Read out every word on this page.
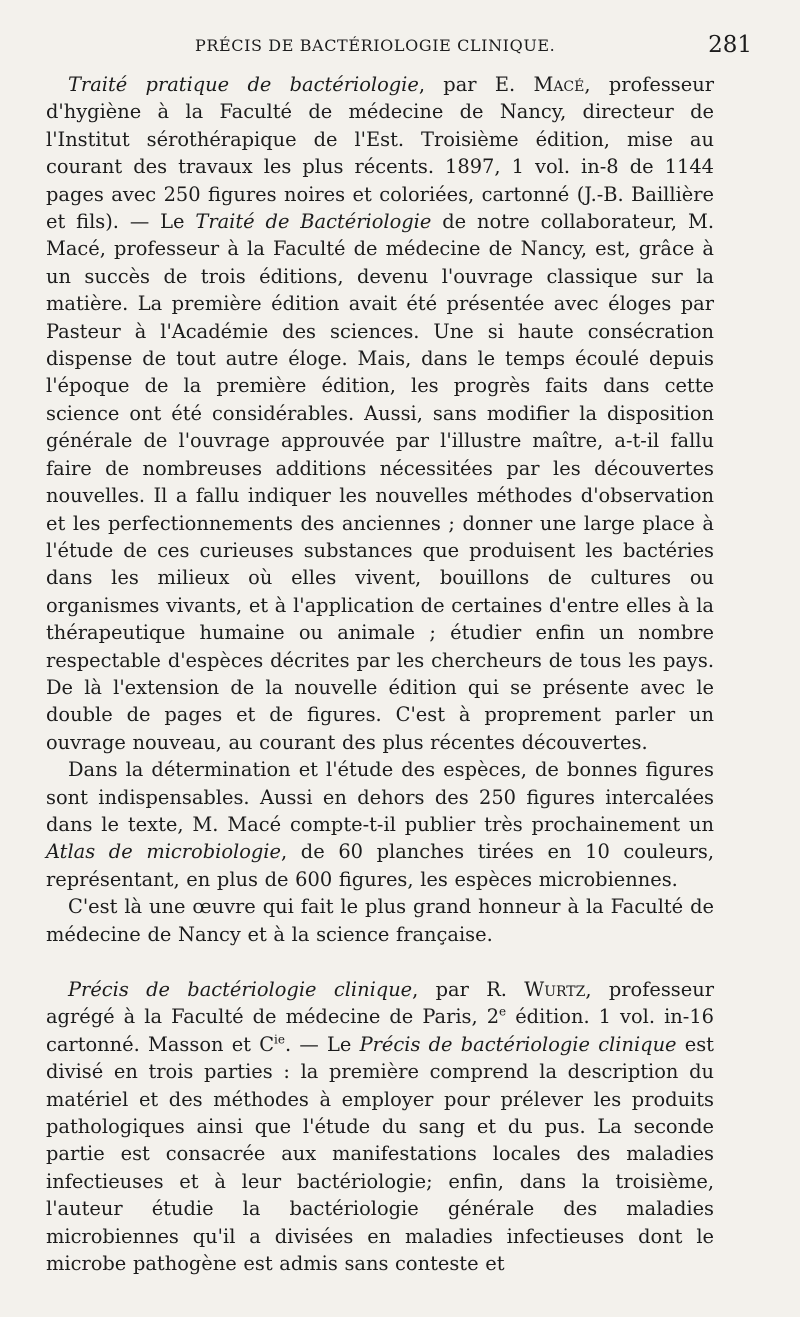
PRÉCIS DE BACTÉRIOLOGIE CLINIQUE.	281

Traité pratique de bactériologie, par E. Macé, professeur d'hygiène à la Faculté de médecine de Nancy, directeur de l'Institut sérothérapique de l'Est. Troisième édition, mise au courant des travaux les plus récents. 1897, 1 vol. in-8 de 1144 pages avec 250 figures noires et coloriées, cartonné (J.-B. Baillière et fils). — Le Traité de Bactériologie de notre collaborateur, M. Macé, professeur à la Faculté de médecine de Nancy, est, grâce à un succès de trois éditions, devenu l'ouvrage classique sur la matière. La première édition avait été présentée avec éloges par Pasteur à l'Académie des sciences. Une si haute consécration dispense de tout autre éloge. Mais, dans le temps écoulé depuis l'époque de la première édition, les progrès faits dans cette science ont été considérables. Aussi, sans modifier la disposition générale de l'ouvrage approuvée par l'illustre maître, a-t-il fallu faire de nombreuses additions nécessitées par les découvertes nouvelles. Il a fallu indiquer les nouvelles méthodes d'observation et les perfectionnements des anciennes ; donner une large place à l'étude de ces curieuses substances que produisent les bactéries dans les milieux où elles vivent, bouillons de cultures ou organismes vivants, et à l'application de certaines d'entre elles à la thérapeutique humaine ou animale ; étudier enfin un nombre respectable d'espèces décrites par les chercheurs de tous les pays. De là l'extension de la nouvelle édition qui se présente avec le double de pages et de figures. C'est à proprement parler un ouvrage nouveau, au courant des plus récentes découvertes.

Dans la détermination et l'étude des espèces, de bonnes figures sont indispensables. Aussi en dehors des 250 figures intercalées dans le texte, M. Macé compte-t-il publier très prochainement un Atlas de microbiologie, de 60 planches tirées en 10 couleurs, représentant, en plus de 600 figures, les espèces microbiennes.

C'est là une œuvre qui fait le plus grand honneur à la Faculté de médecine de Nancy et à la science française.

Précis de bactériologie clinique, par R. Wurtz, professeur agrégé à la Faculté de médecine de Paris, 2e édition. 1 vol. in-16 cartonné. Masson et $C^{ie}$. — Le Précis de bactériologie clinique est divisé en trois parties : la première comprend la description du matériel et des méthodes à employer pour prélever les produits pathologiques ainsi que l'étude du sang et du pus. La seconde partie est consacrée aux manifestations locales des maladies infectieuses et à leur bactériologie; enfin, dans la troisième, l'auteur étudie la bactériologie générale des maladies microbiennes qu'il a divisées en maladies infectieuses dont le microbe pathogène est admis sans conteste et
